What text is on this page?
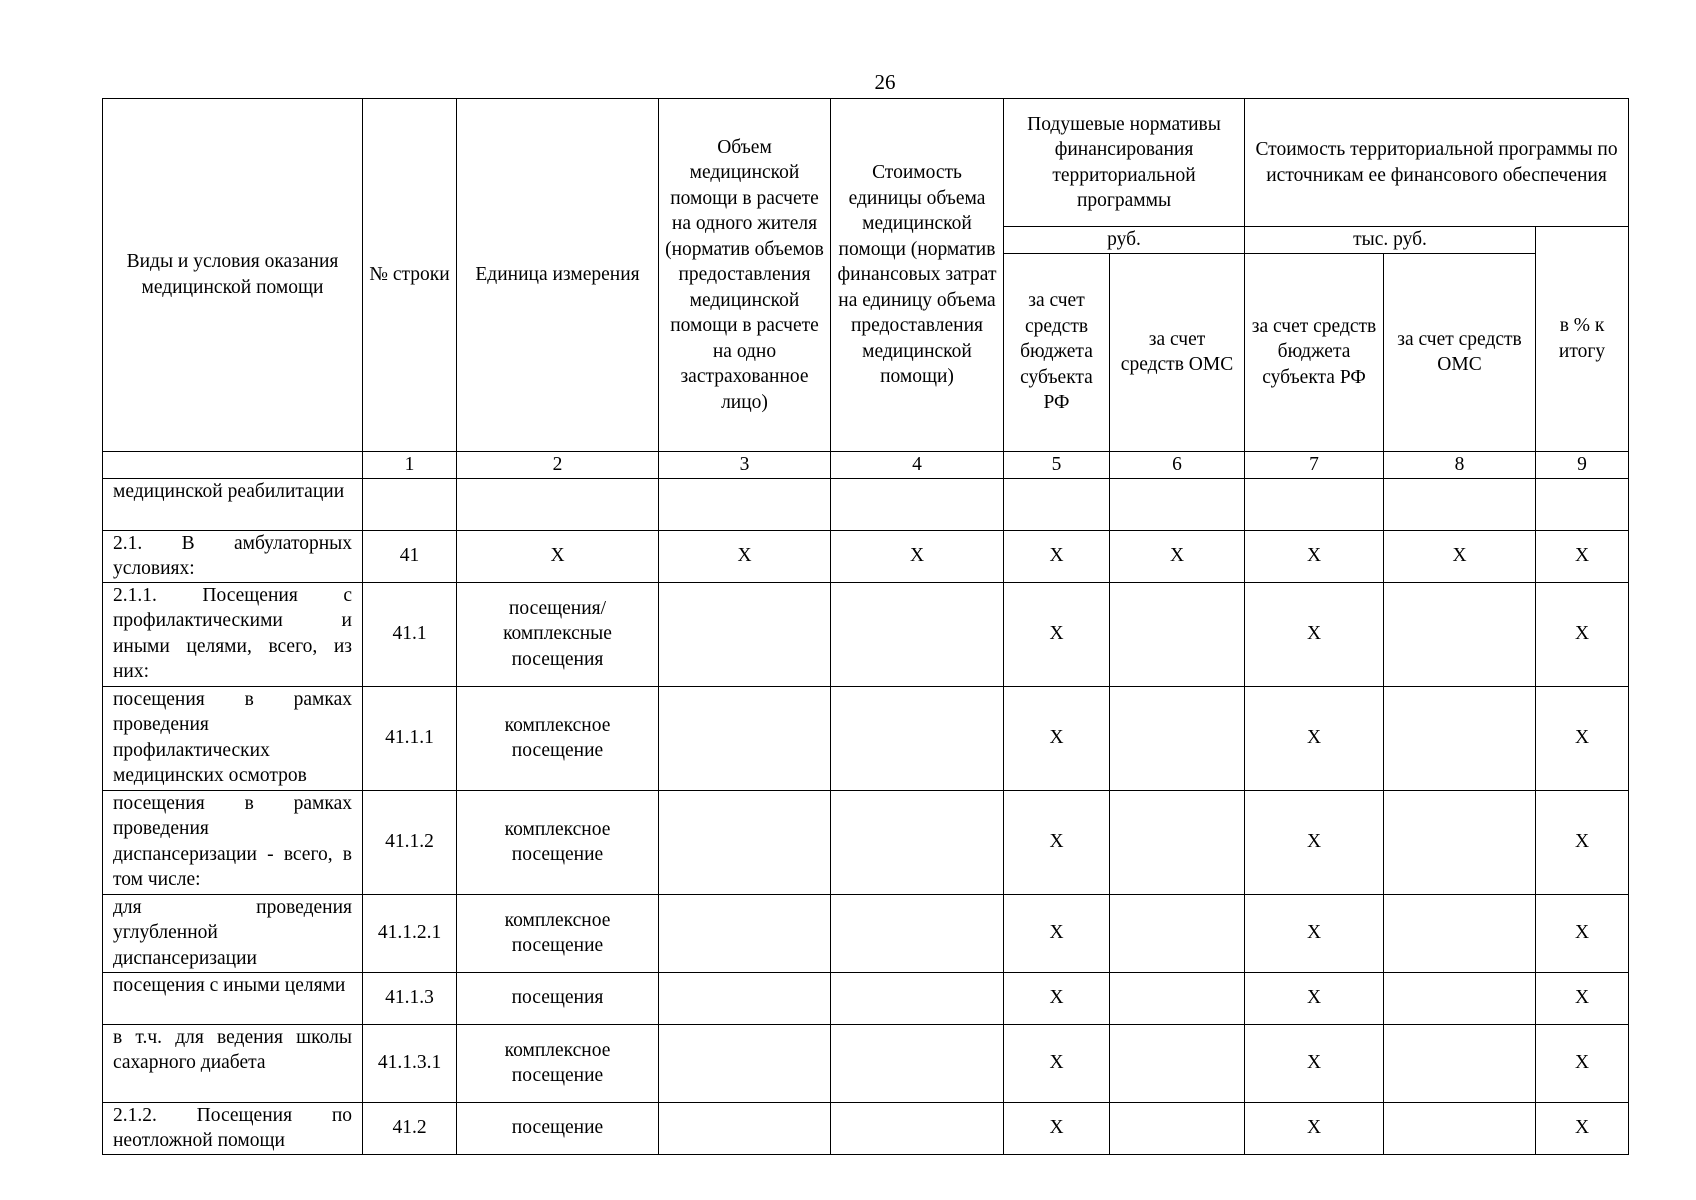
26
Виды и условия оказания медицинской помощи	№ строки	Единица измерения	Объем медицинской помощи в расчете на одного жителя (норматив объемов предоставления медицинской помощи в расчете на одно застрахованное лицо)	Стоимость единицы объема медицинской помощи (норматив финансовых затрат на единицу объема предоставления медицинской помощи)	Подушевые нормативы финансирования территориальной программы		Стоимость территориальной программы по источникам ее финансового обеспечения		
					руб.		тыс. руб.		в % к итогу
					за счет средств бюджета субъекта РФ	за счет средств ОМС	за счет средств бюджета субъекта РФ	за счет средств ОМС	
	1	2	3	4	5	6	7	8	9
медицинской реабилитации									
2.1. В амбулаторных условиях:	41	X	X	X	X	X	X	X	X
2.1.1. Посещения с профилактическими и иными целями, всего, из них:	41.1	посещения/ комплексные посещения			X		X		X
посещения в рамках проведения профилактических медицинских осмотров	41.1.1	комплексное посещение			X		X		X
посещения в рамках проведения диспансеризации - всего, в том числе:	41.1.2	комплексное посещение			X		X		X
для проведения углубленной диспансеризации	41.1.2.1	комплексное посещение			X		X		X
посещения с иными целями	41.1.3	посещения			X		X		X
в т.ч. для ведения школы сахарного диабета	41.1.3.1	комплексное посещение			X		X		X
2.1.2. Посещения по неотложной помощи	41.2	посещение			X		X		X
